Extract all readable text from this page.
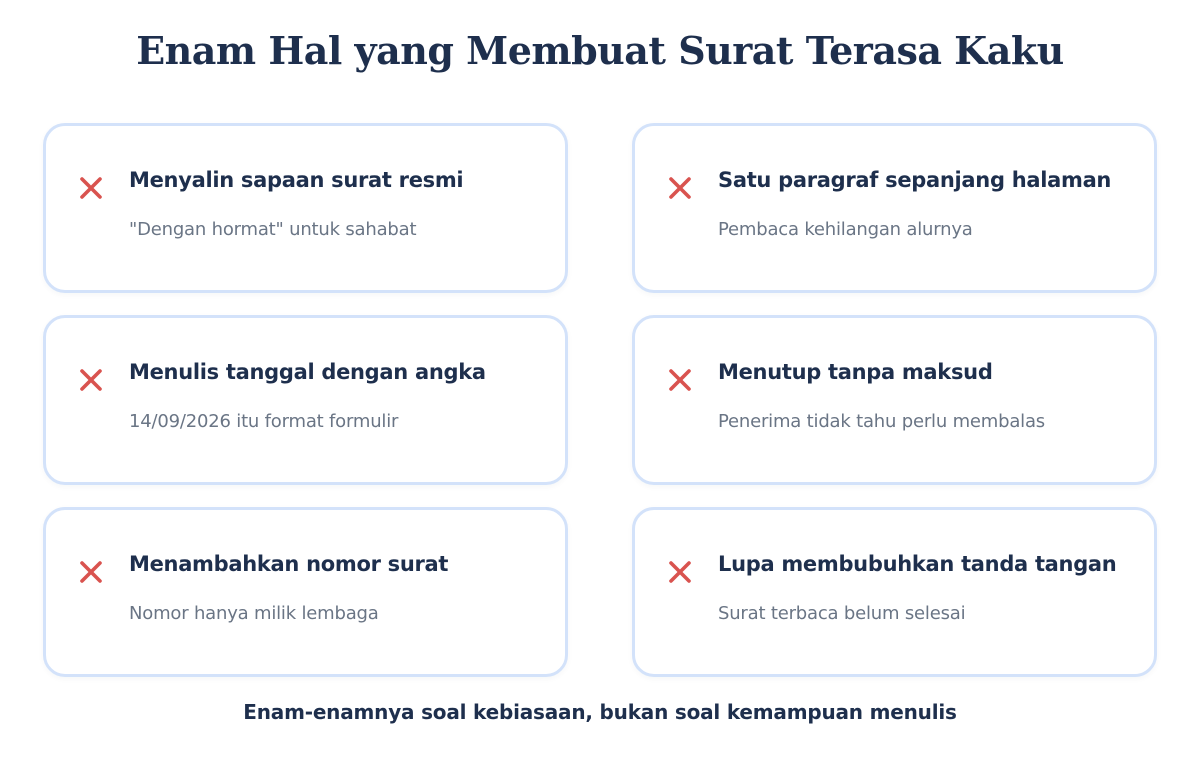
Enam Hal yang Membuat Surat Terasa Kaku
Menyalin sapaan surat resmi
"Dengan hormat" untuk sahabat
Satu paragraf sepanjang halaman
Pembaca kehilangan alurnya
Menulis tanggal dengan angka
14/09/2026 itu format formulir
Menutup tanpa maksud
Penerima tidak tahu perlu membalas
Menambahkan nomor surat
Nomor hanya milik lembaga
Lupa membubuhkan tanda tangan
Surat terbaca belum selesai
Enam-enamnya soal kebiasaan, bukan soal kemampuan menulis
